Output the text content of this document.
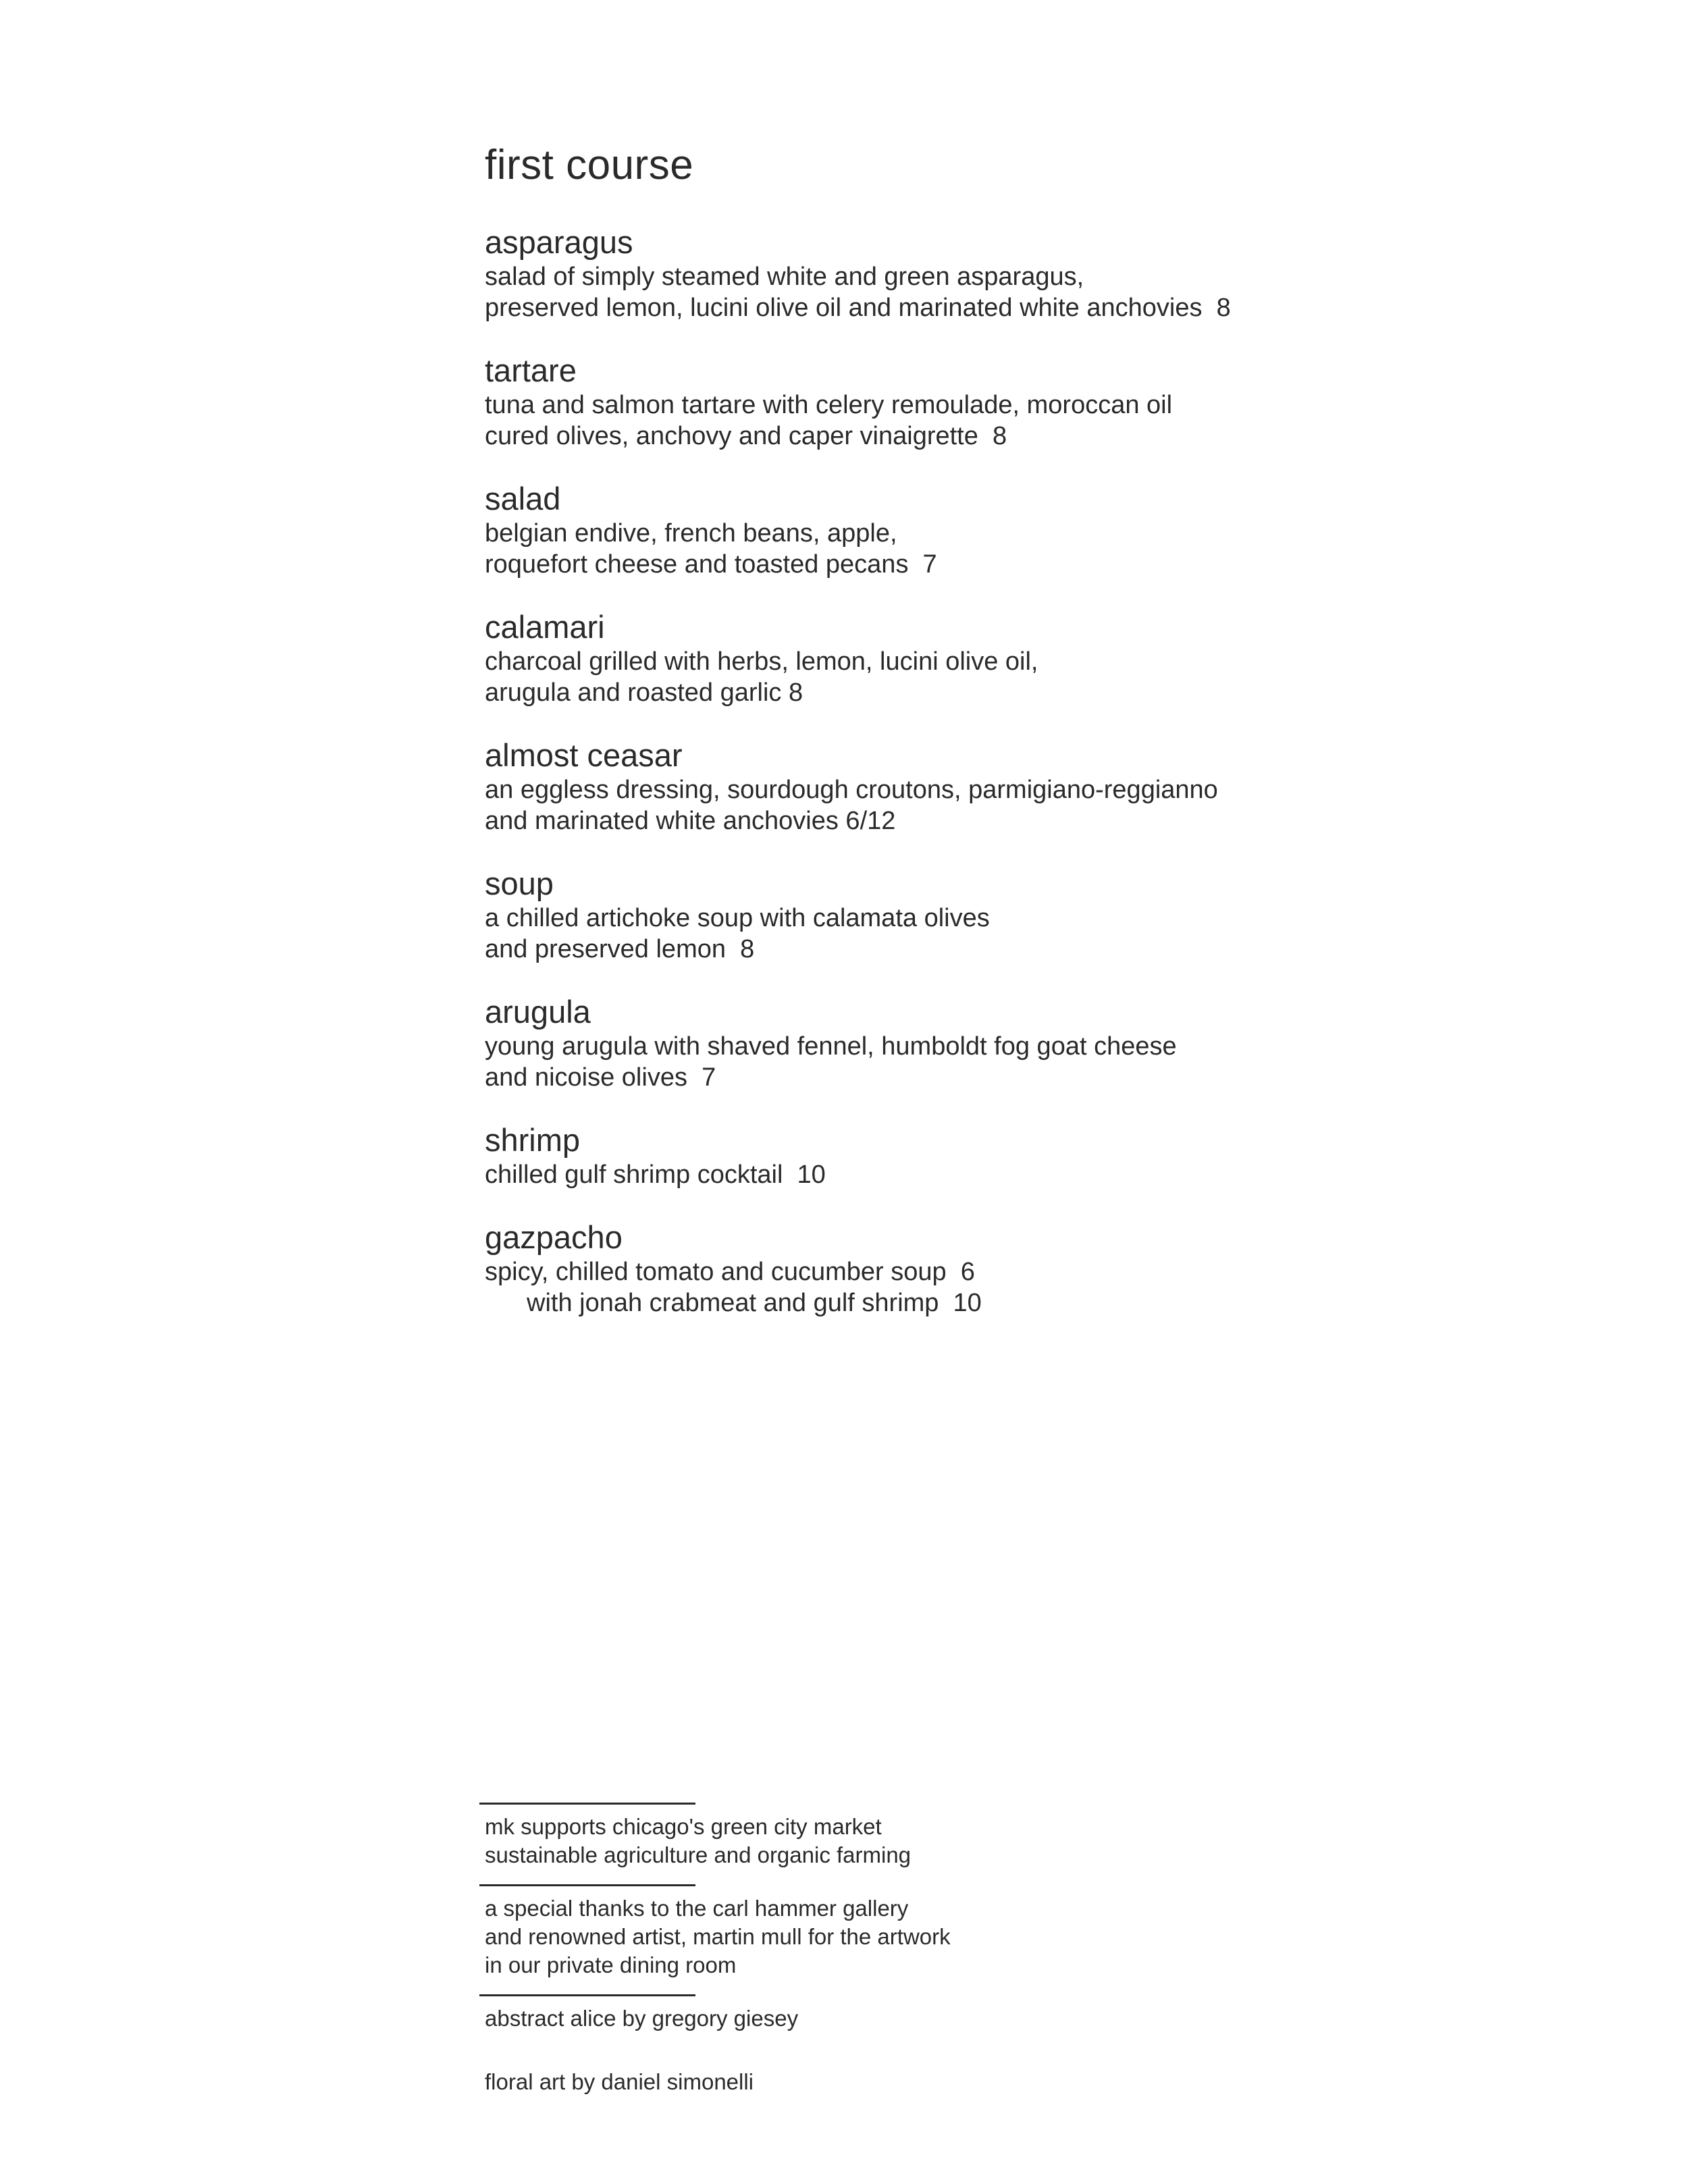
first course
asparagus
salad of simply steamed white and green asparagus,
preserved lemon, lucini olive oil and marinated white anchovies  8
tartare
tuna and salmon tartare with celery remoulade, moroccan oil
cured olives, anchovy and caper vinaigrette  8
salad
belgian endive, french beans, apple,
roquefort cheese and toasted pecans  7
calamari
charcoal grilled with herbs, lemon, lucini olive oil,
arugula and roasted garlic 8
almost ceasar
an eggless dressing, sourdough croutons, parmigiano-reggianno
and marinated white anchovies 6/12
soup
a chilled artichoke soup with calamata olives
and preserved lemon  8
arugula
young arugula with shaved fennel, humboldt fog goat cheese
and nicoise olives  7
shrimp
chilled gulf shrimp cocktail  10
gazpacho
spicy, chilled tomato and cucumber soup  6
with jonah crabmeat and gulf shrimp  10
mk supports chicago's green city market
sustainable agriculture and organic farming
a special thanks to the carl hammer gallery
and renowned artist, martin mull for the artwork
in our private dining room
abstract alice by gregory giesey
floral art by daniel simonelli
